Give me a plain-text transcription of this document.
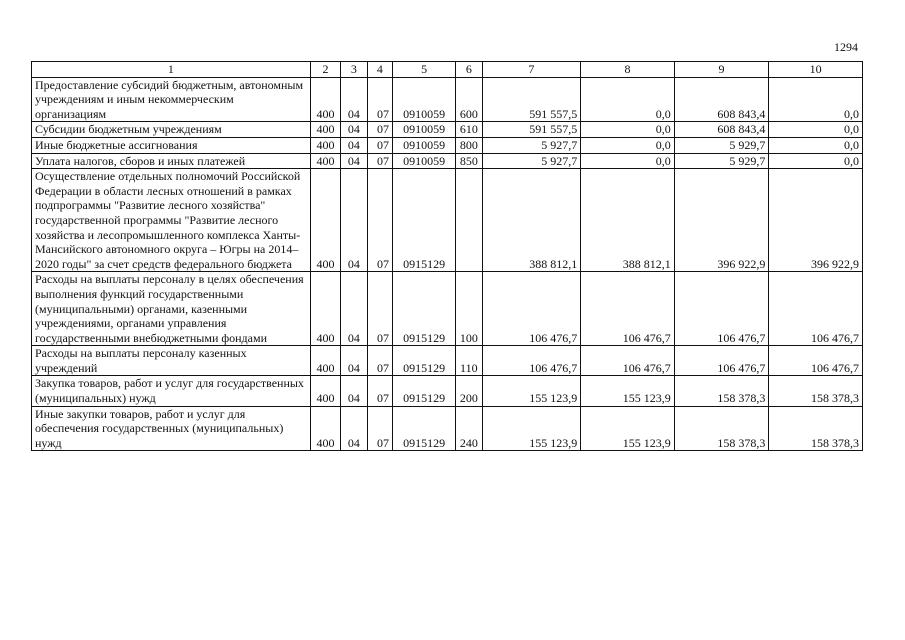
1294
1	2	3	4	5	6	7	8	9	10
Предоставление субсидий бюджетным, автономным учреждениям и иным некоммерческим организациям	400	04	07	0910059	600	591 557,5	0,0	608 843,4	0,0
Субсидии бюджетным учреждениям	400	04	07	0910059	610	591 557,5	0,0	608 843,4	0,0
Иные бюджетные ассигнования	400	04	07	0910059	800	5 927,7	0,0	5 929,7	0,0
Уплата налогов, сборов и иных платежей	400	04	07	0910059	850	5 927,7	0,0	5 929,7	0,0
Осуществление отдельных полномочий Российской Федерации в области лесных отношений в рамках подпрограммы "Развитие лесного хозяйства" государственной программы "Развитие лесного хозяйства и лесопромышленного комплекса Ханты-Мансийского автономного округа – Югры на 2014–2020 годы" за счет средств федерального бюджета	400	04	07	0915129		388 812,1	388 812,1	396 922,9	396 922,9
Расходы на выплаты персоналу в целях обеспечения выполнения функций государственными (муниципальными) органами, казенными учреждениями, органами управления государственными внебюджетными фондами	400	04	07	0915129	100	106 476,7	106 476,7	106 476,7	106 476,7
Расходы на выплаты персоналу казенных учреждений	400	04	07	0915129	110	106 476,7	106 476,7	106 476,7	106 476,7
Закупка товаров, работ и услуг для государственных (муниципальных) нужд	400	04	07	0915129	200	155 123,9	155 123,9	158 378,3	158 378,3
Иные закупки товаров, работ и услуг для обеспечения государственных (муниципальных) нужд	400	04	07	0915129	240	155 123,9	155 123,9	158 378,3	158 378,3
